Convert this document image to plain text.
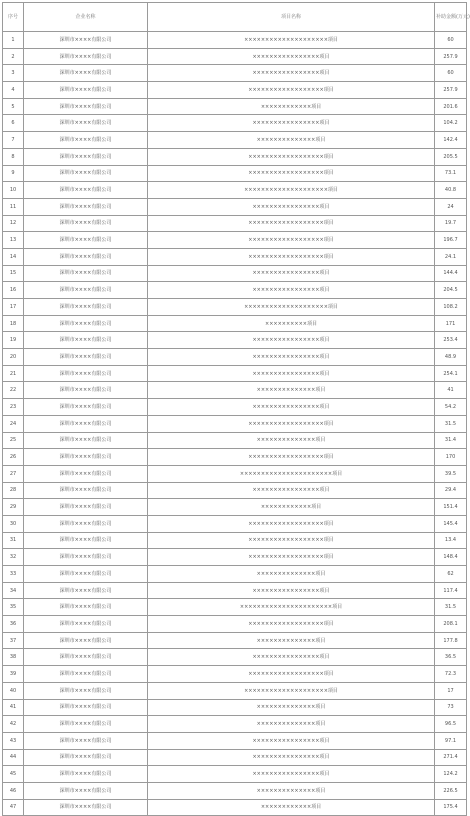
序号	企业名称	项目名称	补助金额(万元)
1	深圳市××××有限公司	××××××××××××××××××××项目	60
2	深圳市××××有限公司	××××××××××××××××项目	257.9
3	深圳市××××有限公司	××××××××××××××××项目	60
4	深圳市××××有限公司	××××××××××××××××××项目	257.9
5	深圳市××××有限公司	××××××××××××项目	201.6
6	深圳市××××有限公司	××××××××××××××××项目	104.2
7	深圳市××××有限公司	××××××××××××××项目	142.4
8	深圳市××××有限公司	××××××××××××××××××项目	205.5
9	深圳市××××有限公司	××××××××××××××××××项目	73.1
10	深圳市××××有限公司	××××××××××××××××××××项目	40.8
11	深圳市××××有限公司	××××××××××××××××项目	24
12	深圳市××××有限公司	××××××××××××××××××项目	19.7
13	深圳市××××有限公司	××××××××××××××××××项目	196.7
14	深圳市××××有限公司	××××××××××××××××××项目	24.1
15	深圳市××××有限公司	××××××××××××××××项目	144.4
16	深圳市××××有限公司	××××××××××××××××项目	204.5
17	深圳市××××有限公司	××××××××××××××××××××项目	108.2
18	深圳市××××有限公司	××××××××××项目	171
19	深圳市××××有限公司	××××××××××××××××项目	253.4
20	深圳市××××有限公司	××××××××××××××××项目	48.9
21	深圳市××××有限公司	××××××××××××××××项目	254.1
22	深圳市××××有限公司	××××××××××××××项目	41
23	深圳市××××有限公司	××××××××××××××××项目	54.2
24	深圳市××××有限公司	××××××××××××××××××项目	31.5
25	深圳市××××有限公司	××××××××××××××项目	31.4
26	深圳市××××有限公司	××××××××××××××××××项目	170
27	深圳市××××有限公司	××××××××××××××××××××××项目	39.5
28	深圳市××××有限公司	××××××××××××××××项目	29.4
29	深圳市××××有限公司	××××××××××××项目	151.4
30	深圳市××××有限公司	××××××××××××××××××项目	145.4
31	深圳市××××有限公司	××××××××××××××××××项目	13.4
32	深圳市××××有限公司	××××××××××××××××××项目	148.4
33	深圳市××××有限公司	××××××××××××××项目	62
34	深圳市××××有限公司	××××××××××××××××项目	117.4
35	深圳市××××有限公司	××××××××××××××××××××××项目	31.5
36	深圳市××××有限公司	××××××××××××××××××项目	208.1
37	深圳市××××有限公司	××××××××××××××项目	177.8
38	深圳市××××有限公司	××××××××××××××××项目	36.5
39	深圳市××××有限公司	××××××××××××××××××项目	72.3
40	深圳市××××有限公司	××××××××××××××××××××项目	17
41	深圳市××××有限公司	××××××××××××××项目	73
42	深圳市××××有限公司	××××××××××××××项目	96.5
43	深圳市××××有限公司	××××××××××××××××项目	97.1
44	深圳市××××有限公司	××××××××××××××××项目	271.4
45	深圳市××××有限公司	××××××××××××××××项目	124.2
46	深圳市××××有限公司	××××××××××××××项目	226.5
47	深圳市××××有限公司	××××××××××××项目	175.4
